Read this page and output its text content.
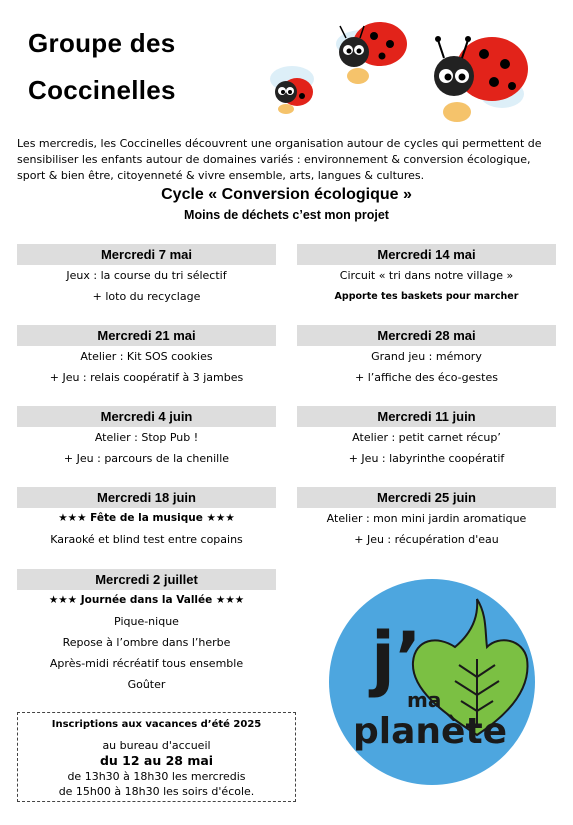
Groupe des
Coccinelles
Les mercredis, les Coccinelles découvrent une organisation autour de cycles qui permettent de sensibiliser les enfants autour de domaines variés : environnement & conversion écologique, sport & bien être, citoyenneté & vivre ensemble, arts, langues & cultures.
Cycle « Conversion écologique »
Moins de déchets c’est mon projet
Mercredi 7 mai
Jeux : la course du tri sélectif
+ loto du recyclage
Mercredi 21 mai
Atelier : Kit SOS cookies
+ Jeu : relais coopératif à 3 jambes
Mercredi 4 juin
Atelier : Stop Pub !
+ Jeu : parcours de la chenille
Mercredi 18 juin
★★★ Fête de la musique ★★★
Karaoké et blind test entre copains
Mercredi 2 juillet
★★★ Journée dans la Vallée ★★★
Pique-nique
Repose à l’ombre dans l’herbe
Après-midi récréatif tous ensemble
Goûter
Mercredi 14 mai
Circuit « tri dans notre village »
Apporte tes baskets pour marcher
Mercredi 28 mai
Grand jeu : mémory
+ l’affiche des éco-gestes
Mercredi 11 juin
Atelier : petit carnet récup’
+ Jeu : labyrinthe coopératif
Mercredi 25 juin
Atelier : mon mini jardin aromatique
+ Jeu : récupération d'eau
Inscriptions aux vacances d’été 2025
au bureau d'accueil
du 12 au 28 mai
de 13h30 à 18h30 les mercredis
de 15h00 à 18h30 les soirs d'école.
j’
ma
planète
